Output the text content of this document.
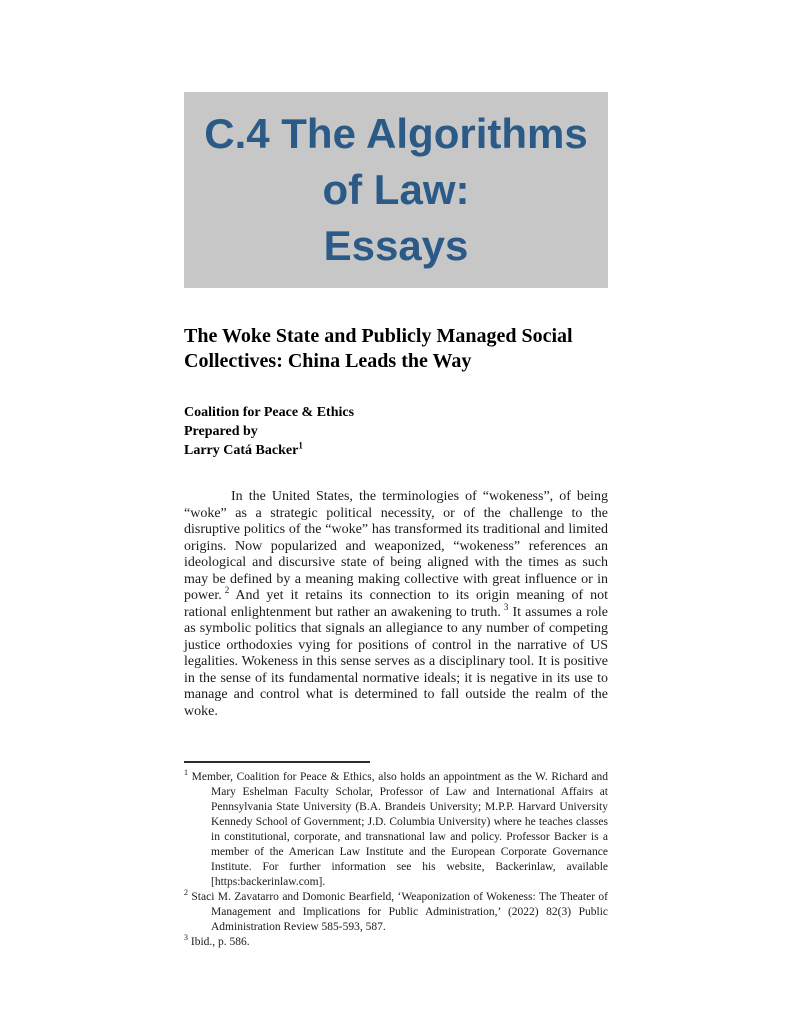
C.4 The Algorithms
of Law:
Essays
The Woke State and Publicly Managed Social
Collectives: China Leads the Way
Coalition for Peace & Ethics
Prepared by
Larry Catá Backer$^1$

In the United States, the terminologies of “wokeness”, of being “woke” as a strategic political necessity, or of the challenge to the disruptive politics of the “woke” has transformed its traditional and limited origins. Now popularized and weaponized, “wokeness” references an ideological and discursive state of being aligned with the times as such may be defined by a meaning making collective with great influence or in power. $^2$ And yet it retains its connection to its origin meaning of not rational enlightenment but rather an awakening to truth. $^3$ It assumes a role as symbolic politics that signals an allegiance to any number of competing justice orthodoxies vying for positions of control in the narrative of US legalities. Wokeness in this sense serves as a disciplinary tool. It is positive in the sense of its fundamental normative ideals; it is negative in its use to manage and control what is determined to fall outside the realm of the woke.

$^1$ Member, Coalition for Peace & Ethics, also holds an appointment as the W. Richard and Mary Eshelman Faculty Scholar, Professor of Law and International Affairs at Pennsylvania State University (B.A. Brandeis University; M.P.P. Harvard University Kennedy School of Government; J.D. Columbia University) where he teaches classes in constitutional, corporate, and transnational law and policy. Professor Backer is a member of the American Law Institute and the European Corporate Governance Institute. For further information see his website, Backerinlaw, available [https:backerinlaw.com].

$^2$ Staci M. Zavatarro and Domonic Bearfield, ‘Weaponization of Wokeness: The Theater of Management and Implications for Public Administration,’ (2022) 82(3) Public Administration Review 585-593, 587.

$^3$ Ibid., p. 586.
